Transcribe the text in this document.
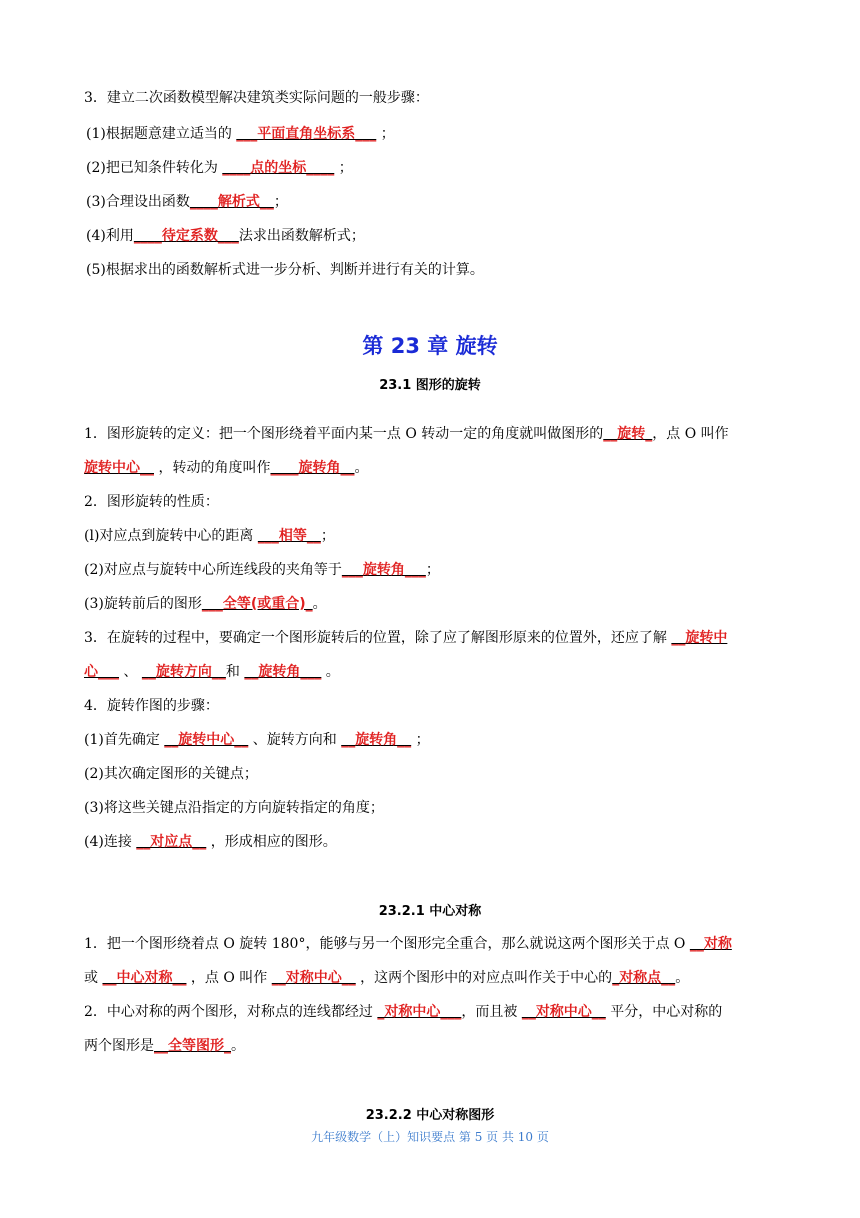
3．建立二次函数模型解决建筑类实际问题的一般步骤：
(1)根据题意建立适当的 ___平面直角坐标系___ ；
(2)把已知条件转化为 ____点的坐标____ ；
(3)合理设出函数____解析式__；
(4)利用____待定系数___法求出函数解析式；
(5)根据求出的函数解析式进一步分析、判断并进行有关的计算。
第 23 章 旋转
23.1 图形的旋转
1．图形旋转的定义：把一个图形绕着平面内某一点 O 转动一定的角度就叫做图形的__旋转_，点 O 叫作
旋转中心__ ，转动的角度叫作____旋转角__。
2．图形旋转的性质：
(l)对应点到旋转中心的距离 ___相等__；
(2)对应点与旋转中心所连线段的夹角等于___旋转角___；
(3)旋转前后的图形___全等(或重合)_。
3．在旋转的过程中，要确定一个图形旋转后的位置，除了应了解图形原来的位置外，还应了解 __旋转中
心___ 、 __旋转方向__和 __旋转角___ 。
4．旋转作图的步骤：
(1)首先确定 __旋转中心__ 、旋转方向和 __旋转角__ ；
(2)其次确定图形的关键点；
(3)将这些关键点沿指定的方向旋转指定的角度；
(4)连接 __对应点__ ，形成相应的图形。
23.2.1 中心对称
1．把一个图形绕着点 O 旋转 180°，能够与另一个图形完全重合，那么就说这两个图形关于点 O __对称
或 __中心对称__ ，点 O 叫作 __对称中心__ ，这两个图形中的对应点叫作关于中心的_对称点__。
2．中心对称的两个图形，对称点的连线都经过 _对称中心___，而且被 __对称中心__ 平分，中心对称的
两个图形是__全等图形_。
23.2.2 中心对称图形
九年级数学（上）知识要点 第 5 页 共 10 页
